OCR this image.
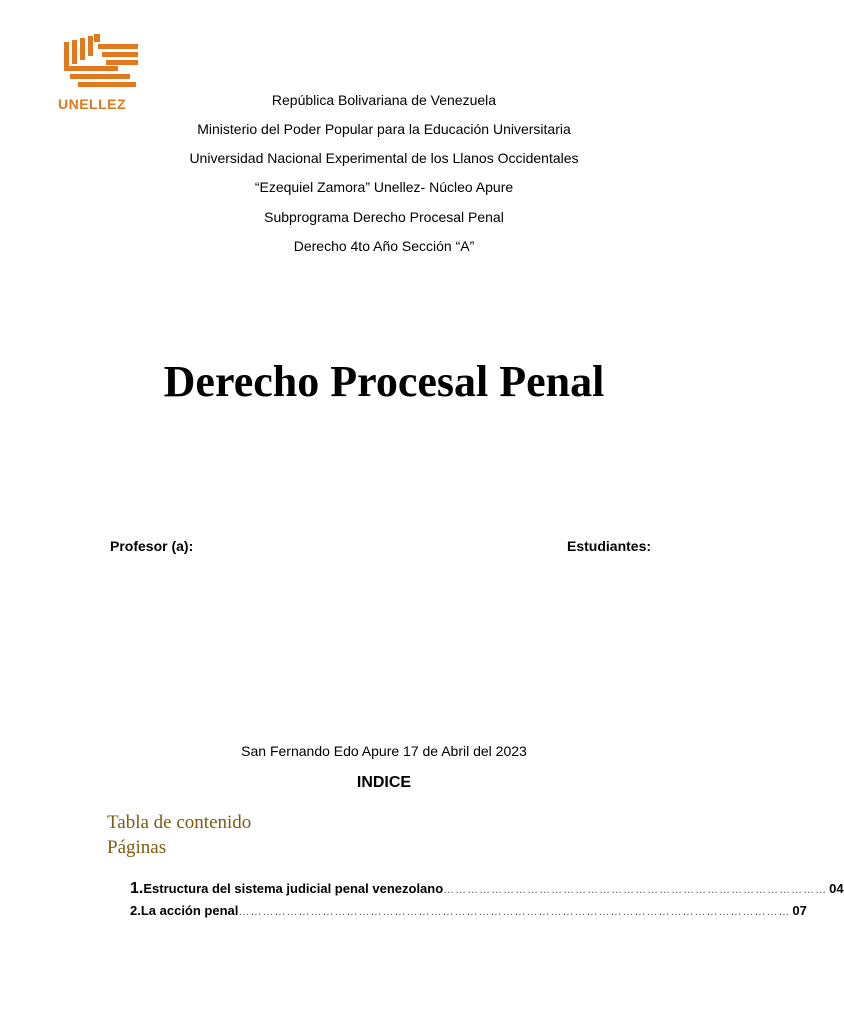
UNELLEZ	República Bolivariana de Venezuela
Ministerio del Poder Popular para la Educación Universitaria
Universidad Nacional Experimental de los Llanos Occidentales
“Ezequiel Zamora” Unellez- Núcleo Apure
Subprograma Derecho Procesal Penal
Derecho 4to Año Sección “A”
Derecho Procesal Penal
Profesor (a):	Estudiantes:
San Fernando Edo Apure 17 de Abril del 2023
INDICE
Tabla de contenido
Páginas
1. Estructura del sistema judicial penal venezolano …………………………………………………………………………………… 04
2. La acción penal ………………………………………………………………………………………………………………………… 07
